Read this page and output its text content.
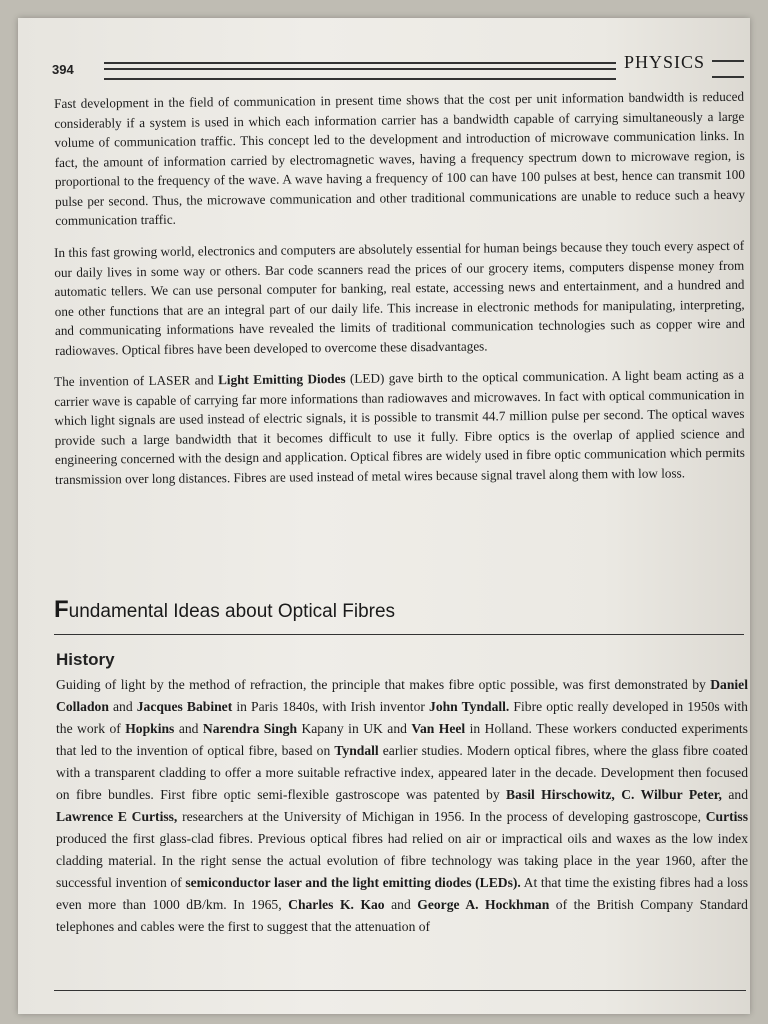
394	PHYSICS

Fast development in the field of communication in present time shows that the cost per unit information bandwidth is reduced considerably if a system is used in which each information carrier has a bandwidth capable of carrying simultaneously a large volume of communication traffic. This concept led to the development and introduction of microwave communication links. In fact, the amount of information carried by electromagnetic waves, having a frequency spectrum down to microwave region, is proportional to the frequency of the wave. A wave having a frequency of 100 can have 100 pulses at best, hence can transmit 100 pulse per second. Thus, the microwave communication and other traditional communications are unable to reduce such a heavy communication traffic.

In this fast growing world, electronics and computers are absolutely essential for human beings because they touch every aspect of our daily lives in some way or others. Bar code scanners read the prices of our grocery items, computers dispense money from automatic tellers. We can use personal computer for banking, real estate, accessing news and entertainment, and a hundred and one other functions that are an integral part of our daily life. This increase in electronic methods for manipulating, interpreting, and communicating informations have revealed the limits of traditional communication technologies such as copper wire and radiowaves. Optical fibres have been developed to overcome these disadvantages.

The invention of LASER and Light Emitting Diodes (LED) gave birth to the optical communication. A light beam acting as a carrier wave is capable of carrying far more informations than radiowaves and microwaves. In fact with optical communication in which light signals are used instead of electric signals, it is possible to transmit 44.7 million pulse per second. The optical waves provide such a large bandwidth that it becomes difficult to use it fully. Fibre optics is the overlap of applied science and engineering concerned with the design and application. Optical fibres are widely used in fibre optic communication which permits transmission over long distances. Fibres are used instead of metal wires because signal travel along them with low loss.

Fundamental Ideas about Optical Fibres
History

Guiding of light by the method of refraction, the principle that makes fibre optic possible, was first demonstrated by Daniel Colladon and Jacques Babinet in Paris 1840s, with Irish inventor John Tyndall. Fibre optic really developed in 1950s with the work of Hopkins and Narendra Singh Kapany in UK and Van Heel in Holland. These workers conducted experiments that led to the invention of optical fibre, based on Tyndall earlier studies. Modern optical fibres, where the glass fibre coated with a transparent cladding to offer a more suitable refractive index, appeared later in the decade. Development then focused on fibre bundles. First fibre optic semi-flexible gastroscope was patented by Basil Hirschowitz, C. Wilbur Peter, and Lawrence E Curtiss, researchers at the University of Michigan in 1956. In the process of developing gastroscope, Curtiss produced the first glass-clad fibres. Previous optical fibres had relied on air or impractical oils and waxes as the low index cladding material. In the right sense the actual evolution of fibre technology was taking place in the year 1960, after the successful invention of semiconductor laser and the light emitting diodes (LEDs). At that time the existing fibres had a loss even more than 1000 dB/km. In 1965, Charles K. Kao and George A. Hockhman of the British Company Standard telephones and cables were the first to suggest that the attenuation of
